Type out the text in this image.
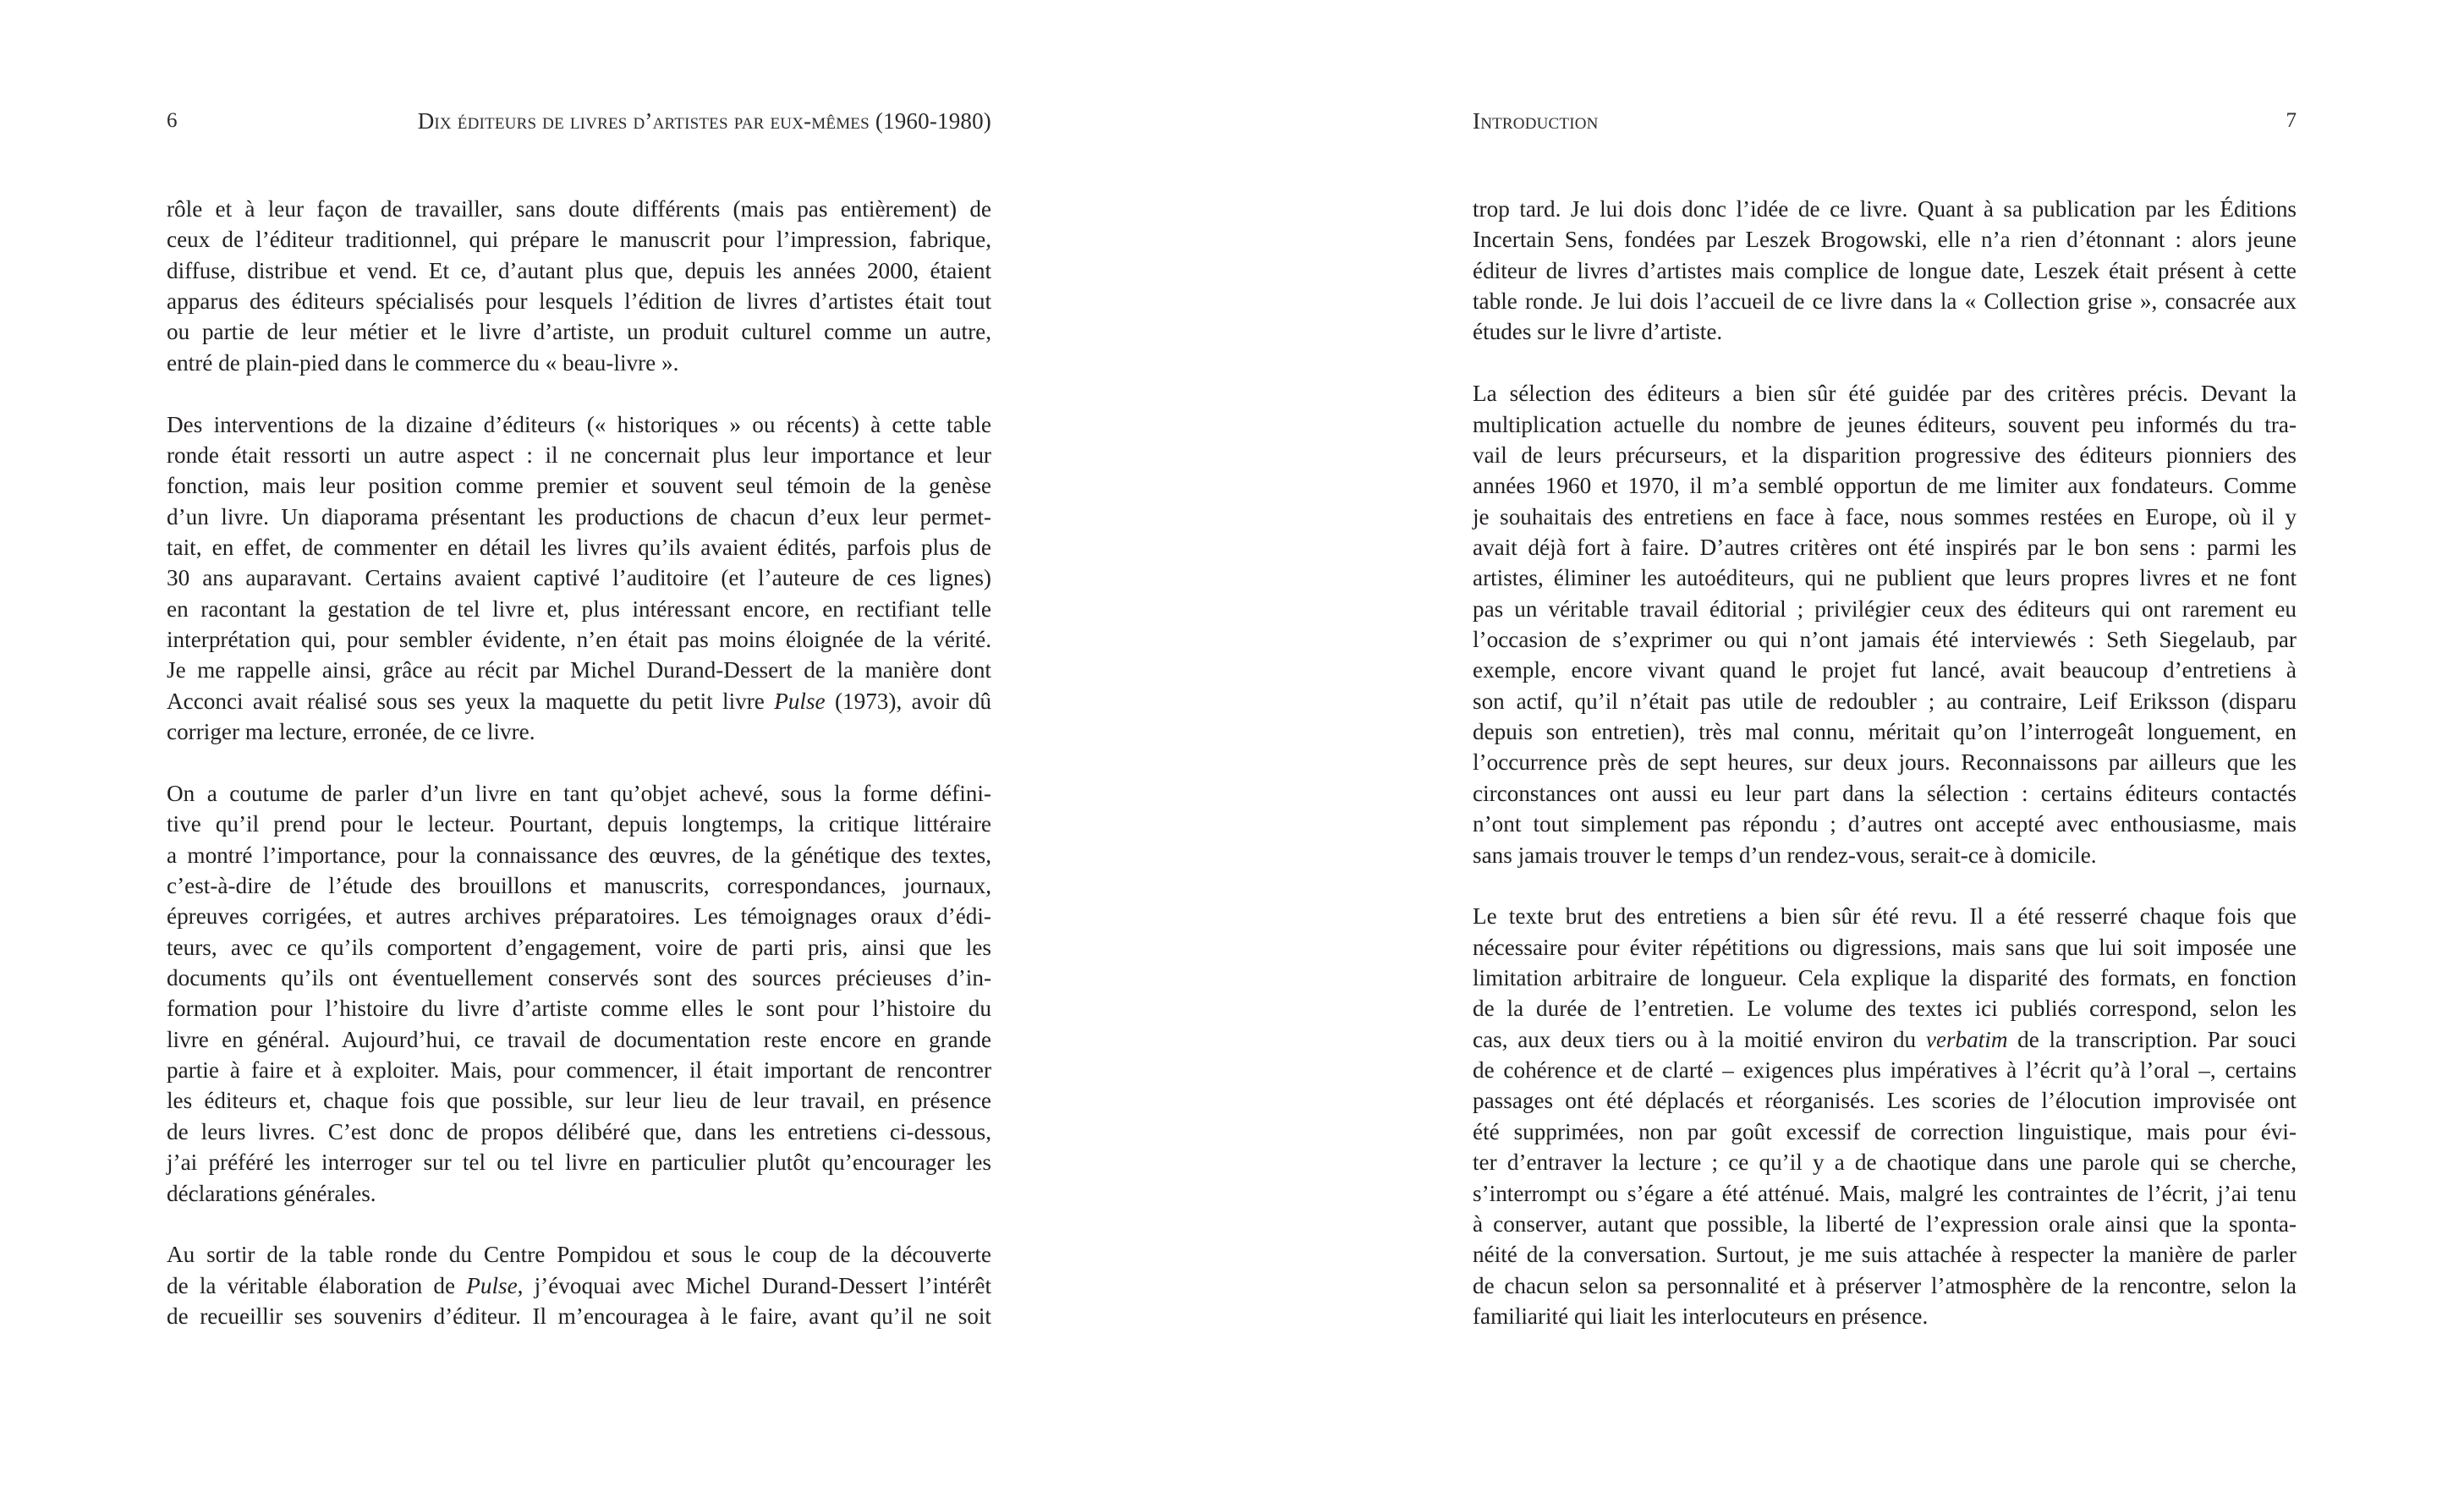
6	Dix éditeurs de livres d’artistes par eux-mêmes (1960-1980)

rôle et à leur façon de travailler, sans doute différents (mais pas entièrement) de
ceux de l’éditeur traditionnel, qui prépare le manuscrit pour l’impression, fabrique,
diffuse, distribue et vend. Et ce, d’autant plus que, depuis les années 2000, étaient
apparus des éditeurs spécialisés pour lesquels l’édition de livres d’artistes était tout
ou partie de leur métier et le livre d’artiste, un produit culturel comme un autre,
entré de plain-pied dans le commerce du « beau-livre ».

Des interventions de la dizaine d’éditeurs (« historiques » ou récents) à cette table
ronde était ressorti un autre aspect : il ne concernait plus leur importance et leur
fonction, mais leur position comme premier et souvent seul témoin de la genèse
d’un livre. Un diaporama présentant les productions de chacun d’eux leur permet-
tait, en effet, de commenter en détail les livres qu’ils avaient édités, parfois plus de
30 ans auparavant. Certains avaient captivé l’auditoire (et l’auteure de ces lignes)
en racontant la gestation de tel livre et, plus intéressant encore, en rectifiant telle
interprétation qui, pour sembler évidente, n’en était pas moins éloignée de la vérité.
Je me rappelle ainsi, grâce au récit par Michel Durand-Dessert de la manière dont
Acconci avait réalisé sous ses yeux la maquette du petit livre Pulse (1973), avoir dû
corriger ma lecture, erronée, de ce livre.

On a coutume de parler d’un livre en tant qu’objet achevé, sous la forme défini-
tive qu’il prend pour le lecteur. Pourtant, depuis longtemps, la critique littéraire
a montré l’importance, pour la connaissance des œuvres, de la génétique des textes,
c’est-à-dire de l’étude des brouillons et manuscrits, correspondances, journaux,
épreuves corrigées, et autres archives préparatoires. Les témoignages oraux d’édi-
teurs, avec ce qu’ils comportent d’engagement, voire de parti pris, ainsi que les
documents qu’ils ont éventuellement conservés sont des sources précieuses d’in-
formation pour l’histoire du livre d’artiste comme elles le sont pour l’histoire du
livre en général. Aujourd’hui, ce travail de documentation reste encore en grande
partie à faire et à exploiter. Mais, pour commencer, il était important de rencontrer
les éditeurs et, chaque fois que possible, sur leur lieu de leur travail, en présence
de leurs livres. C’est donc de propos délibéré que, dans les entretiens ci-dessous,
j’ai préféré les interroger sur tel ou tel livre en particulier plutôt qu’encourager les
déclarations générales.

Au sortir de la table ronde du Centre Pompidou et sous le coup de la découverte
de la véritable élaboration de Pulse, j’évoquai avec Michel Durand-Dessert l’intérêt
de recueillir ses souvenirs d’éditeur. Il m’encouragea à le faire, avant qu’il ne soit

Introduction	7

trop tard. Je lui dois donc l’idée de ce livre. Quant à sa publication par les Éditions
Incertain Sens, fondées par Leszek Brogowski, elle n’a rien d’étonnant : alors jeune
éditeur de livres d’artistes mais complice de longue date, Leszek était présent à cette
table ronde. Je lui dois l’accueil de ce livre dans la « Collection grise », consacrée aux
études sur le livre d’artiste.

La sélection des éditeurs a bien sûr été guidée par des critères précis. Devant la
multiplication actuelle du nombre de jeunes éditeurs, souvent peu informés du tra-
vail de leurs précurseurs, et la disparition progressive des éditeurs pionniers des
années 1960 et 1970, il m’a semblé opportun de me limiter aux fondateurs. Comme
je souhaitais des entretiens en face à face, nous sommes restées en Europe, où il y
avait déjà fort à faire. D’autres critères ont été inspirés par le bon sens : parmi les
artistes, éliminer les autoéditeurs, qui ne publient que leurs propres livres et ne font
pas un véritable travail éditorial ; privilégier ceux des éditeurs qui ont rarement eu
l’occasion de s’exprimer ou qui n’ont jamais été interviewés : Seth Siegelaub, par
exemple, encore vivant quand le projet fut lancé, avait beaucoup d’entretiens à
son actif, qu’il n’était pas utile de redoubler ; au contraire, Leif Eriksson (disparu
depuis son entretien), très mal connu, méritait qu’on l’interrogeât longuement, en
l’occurrence près de sept heures, sur deux jours. Reconnaissons par ailleurs que les
circonstances ont aussi eu leur part dans la sélection : certains éditeurs contactés
n’ont tout simplement pas répondu ; d’autres ont accepté avec enthousiasme, mais
sans jamais trouver le temps d’un rendez-vous, serait-ce à domicile.

Le texte brut des entretiens a bien sûr été revu. Il a été resserré chaque fois que
nécessaire pour éviter répétitions ou digressions, mais sans que lui soit imposée une
limitation arbitraire de longueur. Cela explique la disparité des formats, en fonction
de la durée de l’entretien. Le volume des textes ici publiés correspond, selon les
cas, aux deux tiers ou à la moitié environ du verbatim de la transcription. Par souci
de cohérence et de clarté – exigences plus impératives à l’écrit qu’à l’oral –, certains
passages ont été déplacés et réorganisés. Les scories de l’élocution improvisée ont
été supprimées, non par goût excessif de correction linguistique, mais pour évi-
ter d’entraver la lecture ; ce qu’il y a de chaotique dans une parole qui se cherche,
s’interrompt ou s’égare a été atténué. Mais, malgré les contraintes de l’écrit, j’ai tenu
à conserver, autant que possible, la liberté de l’expression orale ainsi que la sponta-
néité de la conversation. Surtout, je me suis attachée à respecter la manière de parler
de chacun selon sa personnalité et à préserver l’atmosphère de la rencontre, selon la
familiarité qui liait les interlocuteurs en présence.
